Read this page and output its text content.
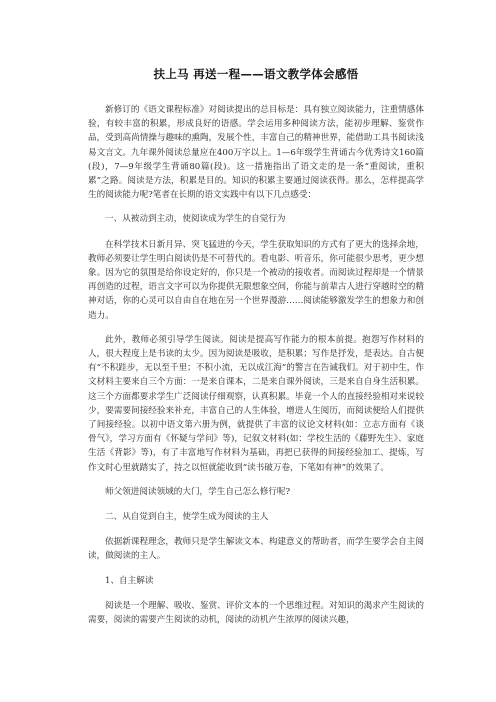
扶上马 再送一程——语文教学体会感悟

新修订的《语文课程标准》对阅读提出的总目标是：具有独立阅读能力，注重情感体验，有较丰富的积累，形成良好的语感。学会运用多种阅读方法，能初步理解、鉴赏作品，受到高尚情操与趣味的熏陶，发展个性，丰富自己的精神世界，能借助工具书阅读浅易文言文。九年课外阅读总量应在400万字以上。1—6年级学生背诵古今优秀诗文160篇(段)，7—9年级学生背诵80篇(段)。这一措施指出了语文走的是一条“重阅读，重积累”之路。阅读是方法，积累是目的。知识的积累主要通过阅读获得。那么，怎样提高学生的阅读能力呢?笔者在长期的语文实践中有以下几点感受：

一、从被动到主动，使阅读成为学生的自觉行为

在科学技术日新月异、突飞猛进的今天，学生获取知识的方式有了更大的选择余地，教师必须要让学生明白阅读仍是不可替代的。看电影、听音乐，你可能很少思考，更少想象。因为它的氛围是给你设定好的，你只是一个被动的接收者。而阅读过程却是一个情景再创造的过程，语言文字可以为你提供无限想象空间，你能与前辈古人进行穿越时空的精神对话，你的心灵可以自由自在地在另一个世界漫游……阅读能够激发学生的想象力和创造力。

此外，教师必须引导学生阅读。阅读是提高写作能力的根本前提。抱怨写作材料的人，很大程度上是书读的太少。因为阅读是吸收，是积累；写作是抒发，是表达。自古便有“不积跬步，无以至千里；不积小流，无以成江海”的警言在告诫我们。对于初中生，作文材料主要来自三个方面：一是来自课本，二是来自课外阅读，三是来自自身生活积累。这三个方面都要求学生广泛阅读仔细观察，认真积累。毕竟一个人的直接经验相对来说较少，要需要间接经验来补充，丰富自己的人生体验，增进人生阅历，而阅读便给人们提供了间接经验。以初中语文第六册为例，就提供了丰富的议论文材料(如：立志方面有《谈骨气》，学习方面有《怀疑与学问》等)，记叙文材料(如：学校生活的《藤野先生》、家庭生活《背影》等)，有了丰富地写作材料为基础，再把已获得的间接经验加工、提炼，写作文时心里就踏实了，持之以恒就能收到“读书破万卷，下笔如有神”的效果了。

师父领进阅读领域的大门，学生自己怎么修行呢?

二、从自觉到自主，使学生成为阅读的主人

依据新课程理念，教师只是学生解读文本、构建意义的帮助者，而学生要学会自主阅读，做阅读的主人。

1、自主解读

阅读是一个理解、吸收、鉴赏、评价文本的一个思维过程。对知识的渴求产生阅读的需要，阅读的需要产生阅读的动机，阅读的动机产生浓厚的阅读兴趣，
